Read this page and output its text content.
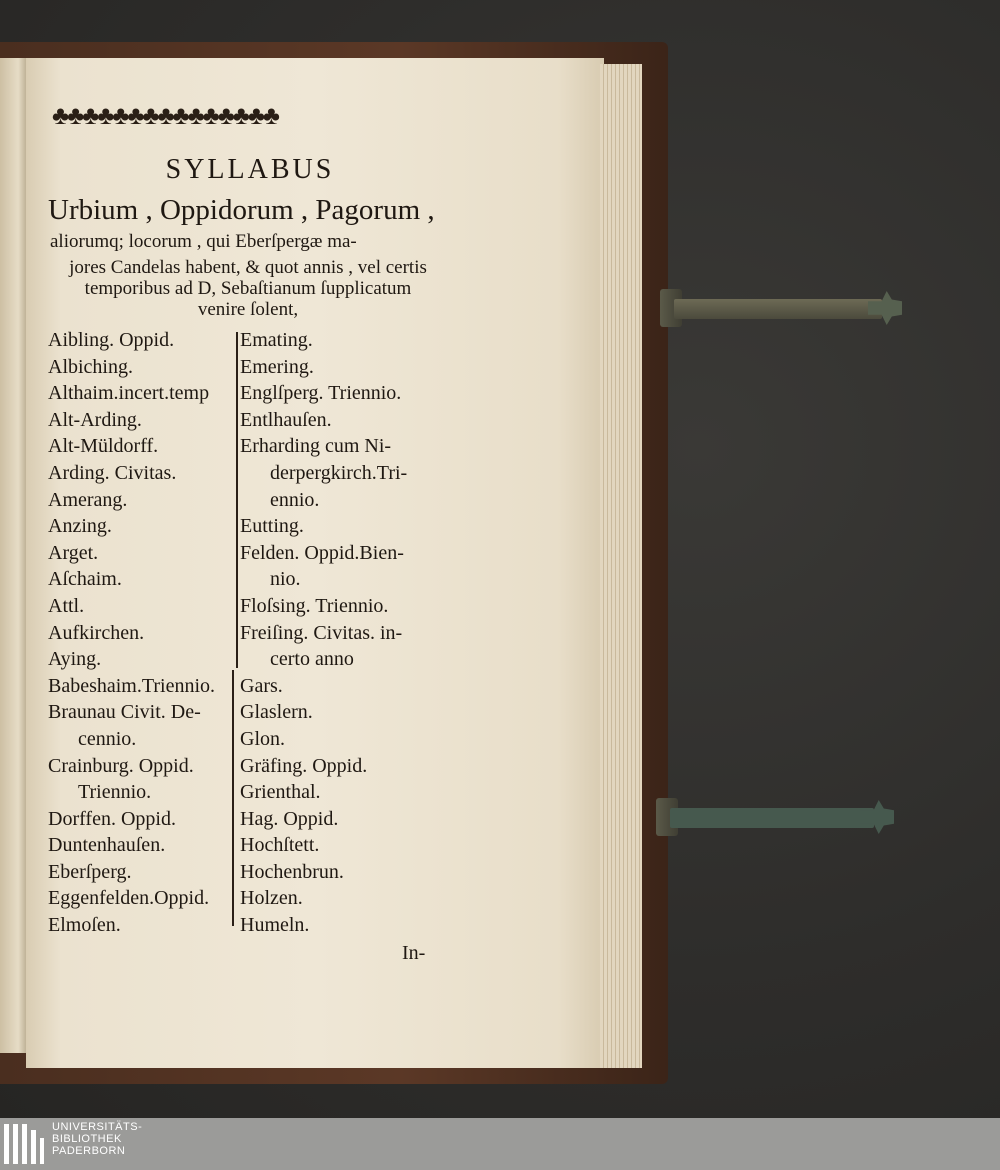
♣♣♣♣♣♣♣♣♣♣♣♣♣♣♣
SYLLABUS
Urbium , Oppidorum , Pagorum ,
aliorumq; locorum , qui Eberſpergæ ma-
jores Candelas habent, & quot annis , vel certis
temporibus ad D, Sebaſtianum ſupplicatum
venire ſolent,
Aibling. Oppid.
Albiching.
Althaim.incert.temp
Alt-Arding.
Alt-Müldorff.
Arding. Civitas.
Amerang.
Anzing.
Arget.
Aſchaim.
Attl.
Aufkirchen.
Aying.
Babeshaim.Triennio.
Braunau Civit. De-
cennio.
Crainburg. Oppid.
Triennio.
Dorffen. Oppid.
Duntenhauſen.
Eberſperg.
Eggenfelden.Oppid.
Elmoſen.
Emating.
Emering.
Englſperg. Triennio.
Entlhauſen.
Erharding cum Ni-
derpergkirch.Tri-
ennio.
Eutting.
Felden. Oppid.Bien-
nio.
Floſsing. Triennio.
Freiſing. Civitas. in-
certo anno
Gars.
Glaslern.
Glon.
Gräfing. Oppid.
Grienthal.
Hag. Oppid.
Hochſtett.
Hochenbrun.
Holzen.
Humeln.
In-
UNIVERSITÄTS-
BIBLIOTHEK
PADERBORN
